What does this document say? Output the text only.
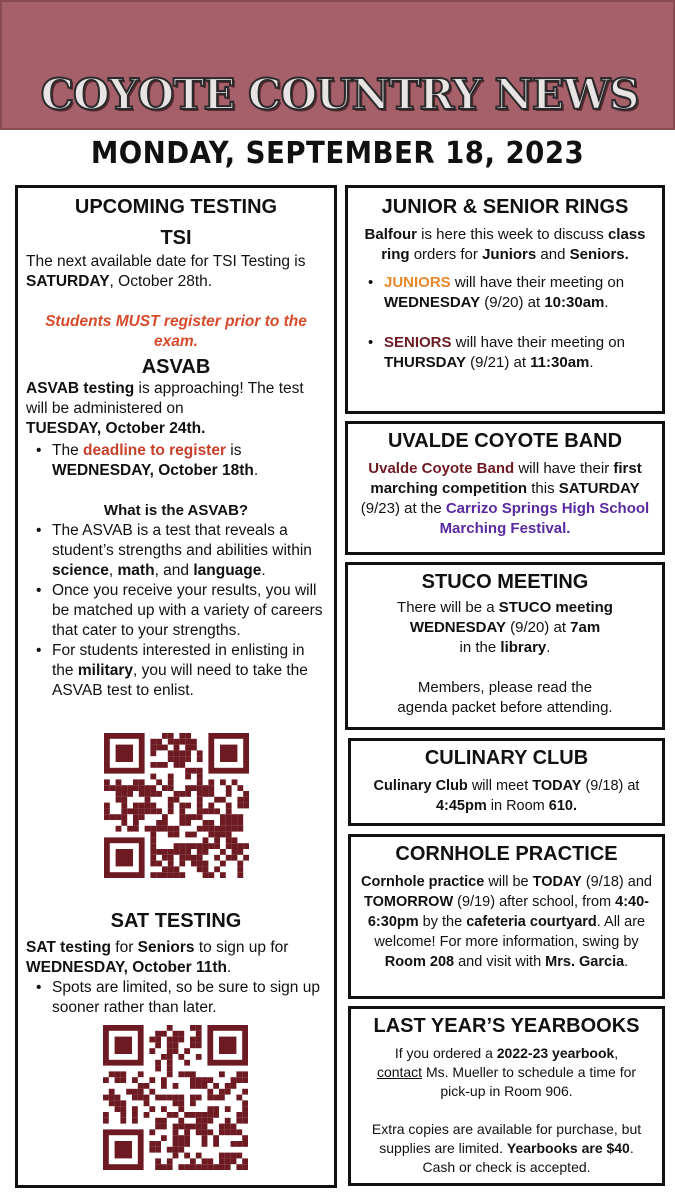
COYOTE COUNTRY NEWS
MONDAY, SEPTEMBER 18, 2023
UPCOMING TESTING
TSI
The next available date for TSI Testing is SATURDAY, October 28th.
Students MUST register prior to the exam.
ASVAB
ASVAB testing is approaching! The test will be administered on
TUESDAY, October 24th.
• The deadline to register is
WEDNESDAY, October 18th.
What is the ASVAB?
• The ASVAB is a test that reveals a student’s strengths and abilities within science, math, and language.
• Once you receive your results, you will be matched up with a variety of careers that cater to your strengths.
• For students interested in enlisting in the military, you will need to take the ASVAB test to enlist.
SAT TESTING
SAT testing for Seniors to sign up for
WEDNESDAY, October 11th.
• Spots are limited, so be sure to sign up sooner rather than later.
JUNIOR & SENIOR RINGS
Balfour is here this week to discuss class ring orders for Juniors and Seniors.
• JUNIORS will have their meeting on WEDNESDAY (9/20) at 10:30am.
• SENIORS will have their meeting on THURSDAY (9/21) at 11:30am.
UVALDE COYOTE BAND
Uvalde Coyote Band will have their first marching competition this SATURDAY (9/23) at the Carrizo Springs High School Marching Festival.
STUCO MEETING
There will be a STUCO meeting
WEDNESDAY (9/20) at 7am
in the library.
Members, please read the agenda packet before attending.
CULINARY CLUB
Culinary Club will meet TODAY (9/18) at
4:45pm in Room 610.
CORNHOLE PRACTICE
Cornhole practice will be TODAY (9/18) and TOMORROW (9/19) after school, from 4:40-6:30pm by the cafeteria courtyard. All are welcome! For more information, swing by Room 208 and visit with Mrs. Garcia.
LAST YEAR’S YEARBOOKS
If you ordered a 2022-23 yearbook,
contact Ms. Mueller to schedule a time for pick-up in Room 906.
Extra copies are available for purchase, but supplies are limited. Yearbooks are $40.
Cash or check is accepted.
